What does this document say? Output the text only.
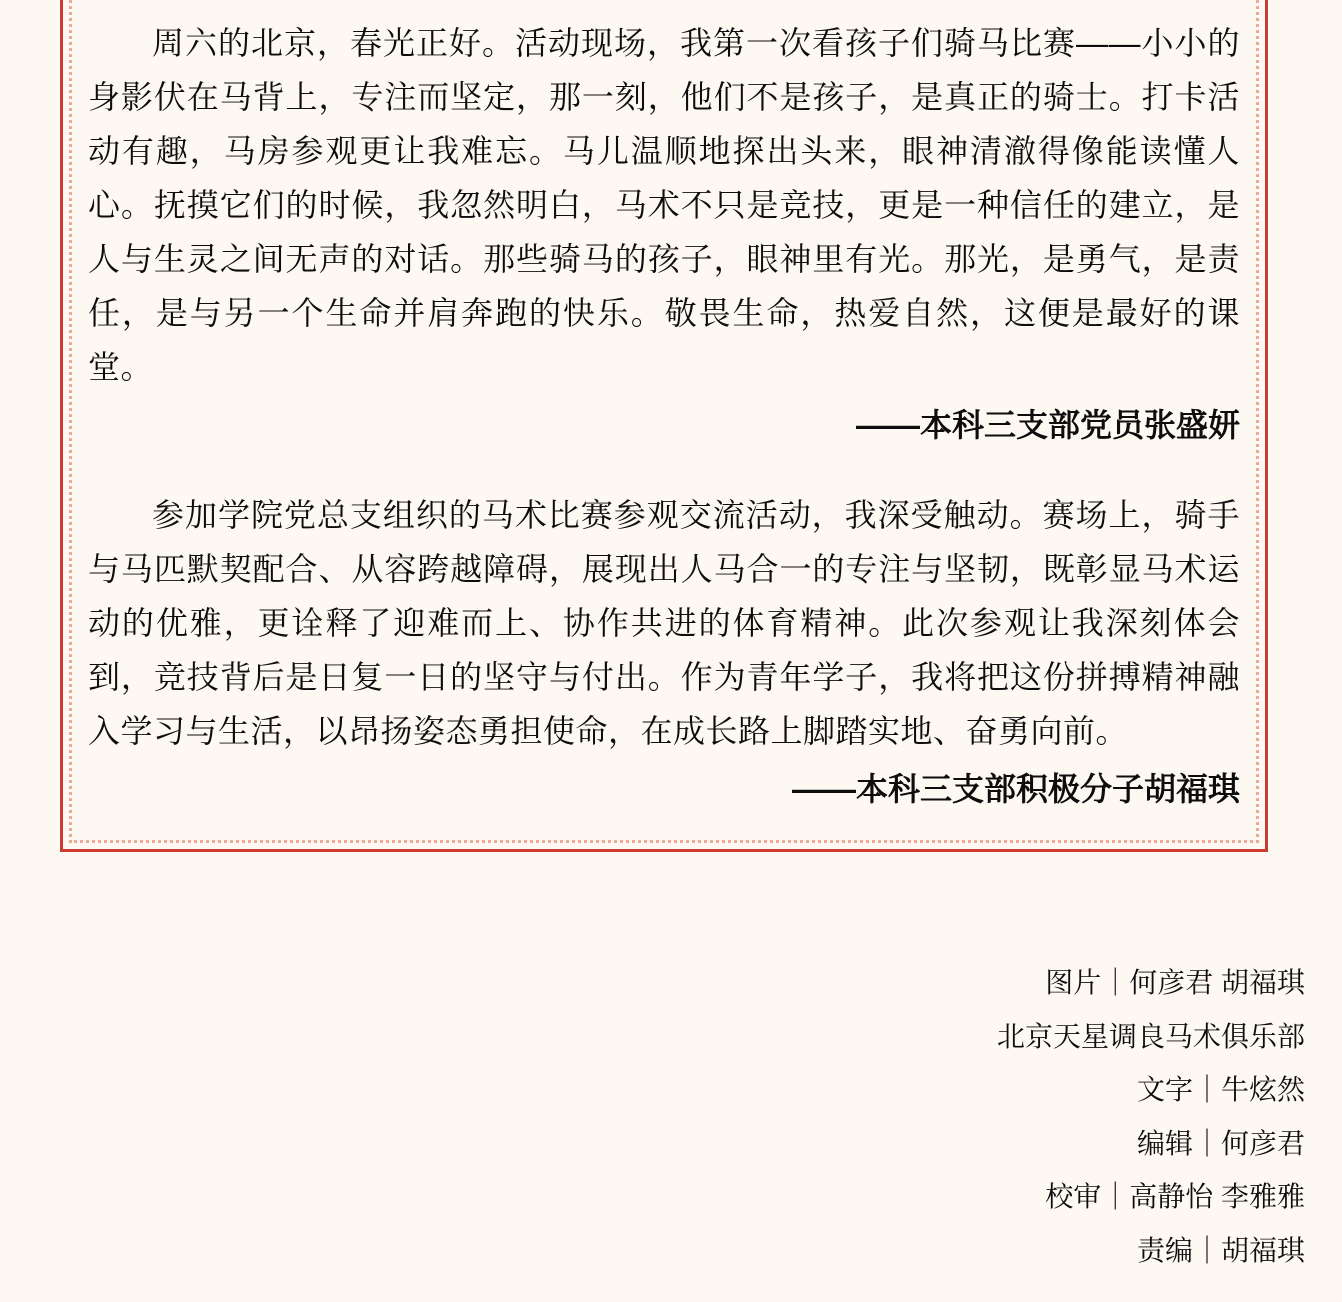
周六的北京，春光正好。活动现场，我第一次看孩子们骑马比赛——小小的身影伏在马背上，专注而坚定，那一刻，他们不是孩子，是真正的骑士。打卡活动有趣，马房参观更让我难忘。马儿温顺地探出头来，眼神清澈得像能读懂人心。抚摸它们的时候，我忽然明白，马术不只是竞技，更是一种信任的建立，是人与生灵之间无声的对话。那些骑马的孩子，眼神里有光。那光，是勇气，是责任，是与另一个生命并肩奔跑的快乐。敬畏生命，热爱自然，这便是最好的课堂。

——本科三支部党员张盛妍

参加学院党总支组织的马术比赛参观交流活动，我深受触动。赛场上，骑手与马匹默契配合、从容跨越障碍，展现出人马合一的专注与坚韧，既彰显马术运动的优雅，更诠释了迎难而上、协作共进的体育精神。此次参观让我深刻体会到，竞技背后是日复一日的坚守与付出。作为青年学子，我将把这份拼搏精神融入学习与生活，以昂扬姿态勇担使命，在成长路上脚踏实地、奋勇向前。

——本科三支部积极分子胡福琪

图片｜何彦君 胡福琪
北京天星调良马术俱乐部
文字｜牛炫然
编辑｜何彦君
校审｜高静怡 李雅雅
责编｜胡福琪
